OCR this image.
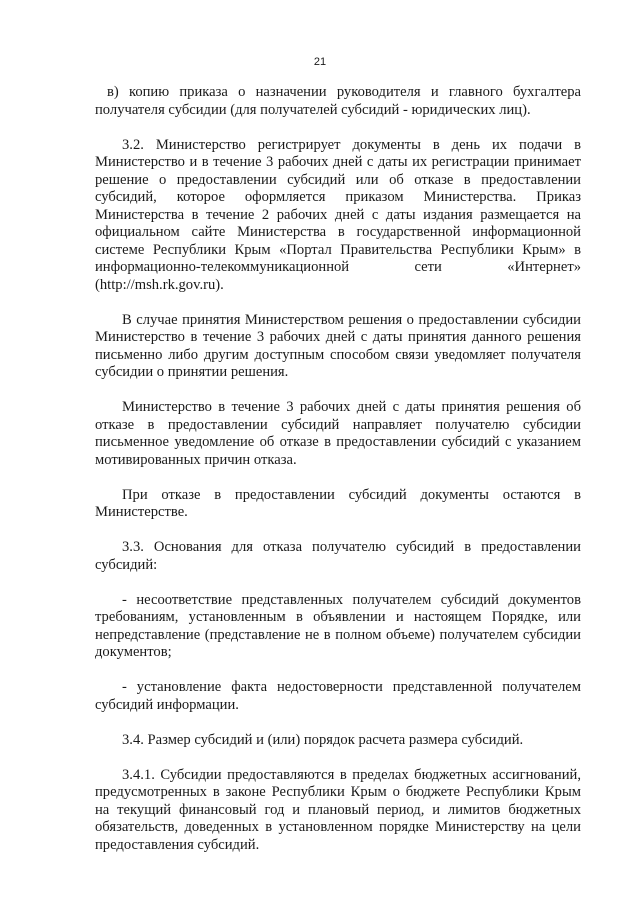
21

в) копию приказа о назначении руководителя и главного бухгалтера получателя субсидии (для получателей субсидий - юридических лиц).

3.2. Министерство регистрирует документы в день их подачи в Министерство и в течение 3 рабочих дней с даты их регистрации принимает решение о предоставлении субсидий или об отказе в предоставлении субсидий, которое оформляется приказом Министерства. Приказ Министерства в течение 2 рабочих дней с даты издания размещается на официальном сайте Министерства в государственной информационной системе Республики Крым «Портал Правительства Республики Крым» в информационно-телекоммуникационной сети «Интернет» (http://msh.rk.gov.ru).

В случае принятия Министерством решения о предоставлении субсидии Министерство в течение 3 рабочих дней с даты принятия данного решения письменно либо другим доступным способом связи уведомляет получателя субсидии о принятии решения.

Министерство в течение 3 рабочих дней с даты принятия решения об отказе в предоставлении субсидий направляет получателю субсидии письменное уведомление об отказе в предоставлении субсидий с указанием мотивированных причин отказа.

При отказе в предоставлении субсидий документы остаются в Министерстве.

3.3. Основания для отказа получателю субсидий в предоставлении субсидий:

- несоответствие представленных получателем субсидий документов требованиям, установленным в объявлении и настоящем Порядке, или непредставление (представление не в полном объеме) получателем субсидии документов;

- установление факта недостоверности представленной получателем субсидий информации.

3.4. Размер субсидий и (или) порядок расчета размера субсидий.

3.4.1. Субсидии предоставляются в пределах бюджетных ассигнований, предусмотренных в законе Республики Крым о бюджете Республики Крым на текущий финансовый год и плановый период, и лимитов бюджетных обязательств, доведенных в установленном порядке Министерству на цели предоставления субсидий.
